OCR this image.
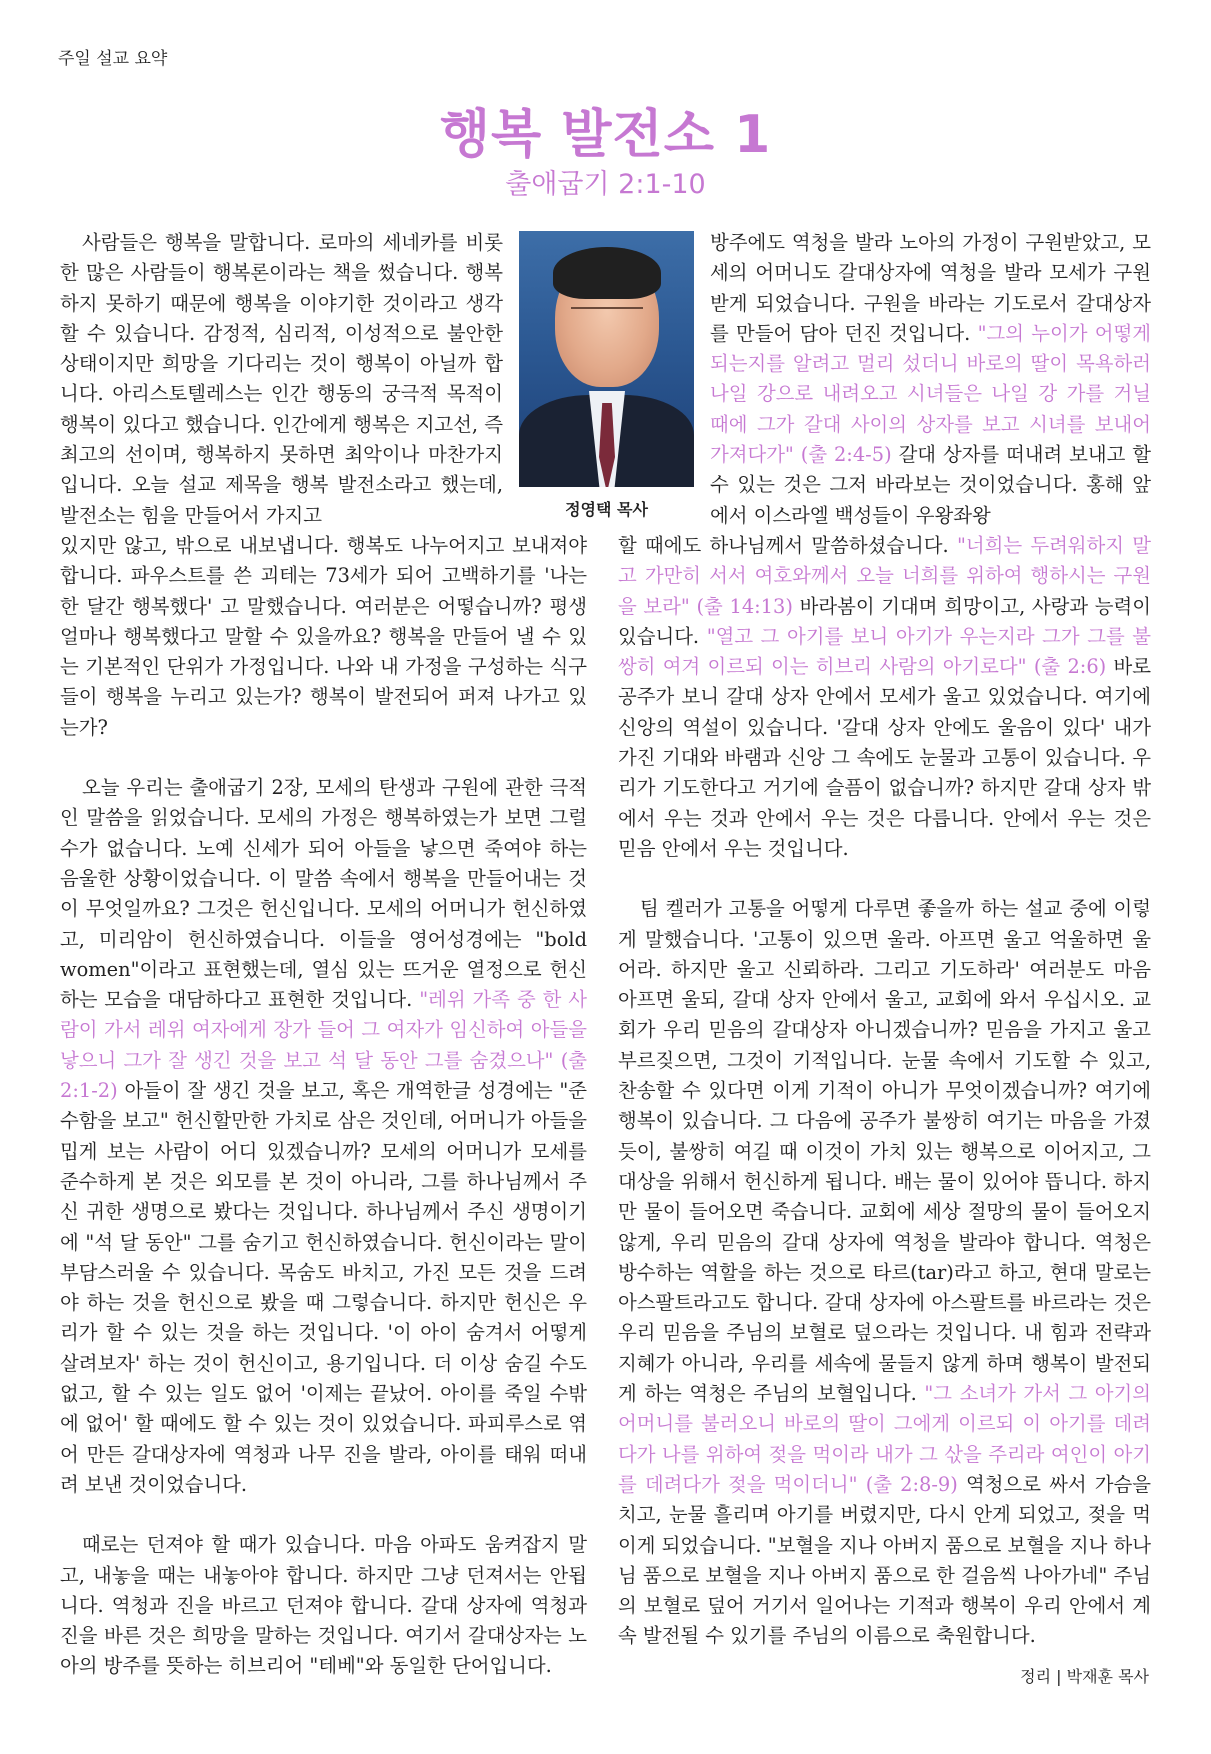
주일 설교 요약
행복 발전소 1
출애굽기 2:1-10
정영택 목사

사람들은 행복을 말합니다. 로마의 세네카를 비롯한 많은 사람들이 행복론이라는 책을 썼습니다. 행복하지 못하기 때문에 행복을 이야기한 것이라고 생각할 수 있습니다. 감정적, 심리적, 이성적으로 불안한 상태이지만 희망을 기다리는 것이 행복이 아닐까 합니다. 아리스토텔레스는 인간 행동의 궁극적 목적이 행복이 있다고 했습니다. 인간에게 행복은 지고선, 즉 최고의 선이며, 행복하지 못하면 최악이나 마찬가지입니다. 오늘 설교 제목을 행복 발전소라고 했는데, 발전소는 힘을 만들어서 가지고

있지만 않고, 밖으로 내보냅니다. 행복도 나누어지고 보내져야 합니다. 파우스트를 쓴 괴테는 73세가 되어 고백하기를 '나는 한 달간 행복했다' 고 말했습니다. 여러분은 어떻습니까? 평생 얼마나 행복했다고 말할 수 있을까요? 행복을 만들어 낼 수 있는 기본적인 단위가 가정입니다. 나와 내 가정을 구성하는 식구들이 행복을 누리고 있는가? 행복이 발전되어 퍼져 나가고 있는가?

오늘 우리는 출애굽기 2장, 모세의 탄생과 구원에 관한 극적인 말씀을 읽었습니다. 모세의 가정은 행복하였는가 보면 그럴 수가 없습니다. 노예 신세가 되어 아들을 낳으면 죽여야 하는 음울한 상황이었습니다. 이 말씀 속에서 행복을 만들어내는 것이 무엇일까요? 그것은 헌신입니다. 모세의 어머니가 헌신하였고, 미리암이 헌신하였습니다. 이들을 영어성경에는 "bold women"이라고 표현했는데, 열심 있는 뜨거운 열정으로 헌신하는 모습을 대담하다고 표현한 것입니다. "레위 가족 중 한 사람이 가서 레위 여자에게 장가 들어 그 여자가 임신하여 아들을 낳으니 그가 잘 생긴 것을 보고 석 달 동안 그를 숨겼으나" (출 2:1-2) 아들이 잘 생긴 것을 보고, 혹은 개역한글 성경에는 "준수함을 보고" 헌신할만한 가치로 삼은 것인데, 어머니가 아들을 밉게 보는 사람이 어디 있겠습니까? 모세의 어머니가 모세를 준수하게 본 것은 외모를 본 것이 아니라, 그를 하나님께서 주신 귀한 생명으로 봤다는 것입니다. 하나님께서 주신 생명이기에 "석 달 동안" 그를 숨기고 헌신하였습니다. 헌신이라는 말이 부담스러울 수 있습니다. 목숨도 바치고, 가진 모든 것을 드려야 하는 것을 헌신으로 봤을 때 그렇습니다. 하지만 헌신은 우리가 할 수 있는 것을 하는 것입니다. '이 아이 숨겨서 어떻게 살려보자' 하는 것이 헌신이고, 용기입니다. 더 이상 숨길 수도 없고, 할 수 있는 일도 없어 '이제는 끝났어. 아이를 죽일 수밖에 없어' 할 때에도 할 수 있는 것이 있었습니다. 파피루스로 엮어 만든 갈대상자에 역청과 나무 진을 발라, 아이를 태워 떠내려 보낸 것이었습니다.

때로는 던져야 할 때가 있습니다. 마음 아파도 움켜잡지 말고, 내놓을 때는 내놓아야 합니다. 하지만 그냥 던져서는 안됩니다. 역청과 진을 바르고 던져야 합니다. 갈대 상자에 역청과 진을 바른 것은 희망을 말하는 것입니다. 여기서 갈대상자는 노아의 방주를 뜻하는 히브리어 "테베"와 동일한 단어입니다.

방주에도 역청을 발라 노아의 가정이 구원받았고, 모세의 어머니도 갈대상자에 역청을 발라 모세가 구원받게 되었습니다. 구원을 바라는 기도로서 갈대상자를 만들어 담아 던진 것입니다. "그의 누이가 어떻게 되는지를 알려고 멀리 섰더니 바로의 딸이 목욕하러 나일 강으로 내려오고 시녀들은 나일 강 가를 거닐 때에 그가 갈대 사이의 상자를 보고 시녀를 보내어 가져다가" (출 2:4-5) 갈대 상자를 떠내려 보내고 할 수 있는 것은 그저 바라보는 것이었습니다. 홍해 앞에서 이스라엘 백성들이 우왕좌왕

할 때에도 하나님께서 말씀하셨습니다. "너희는 두려워하지 말고 가만히 서서 여호와께서 오늘 너희를 위하여 행하시는 구원을 보라" (출 14:13) 바라봄이 기대며 희망이고, 사랑과 능력이 있습니다. "열고 그 아기를 보니 아기가 우는지라 그가 그를 불쌍히 여겨 이르되 이는 히브리 사람의 아기로다" (출 2:6) 바로 공주가 보니 갈대 상자 안에서 모세가 울고 있었습니다. 여기에 신앙의 역설이 있습니다. '갈대 상자 안에도 울음이 있다' 내가 가진 기대와 바램과 신앙 그 속에도 눈물과 고통이 있습니다. 우리가 기도한다고 거기에 슬픔이 없습니까? 하지만 갈대 상자 밖에서 우는 것과 안에서 우는 것은 다릅니다. 안에서 우는 것은 믿음 안에서 우는 것입니다.

팀 켈러가 고통을 어떻게 다루면 좋을까 하는 설교 중에 이렇게 말했습니다. '고통이 있으면 울라. 아프면 울고 억울하면 울어라. 하지만 울고 신뢰하라. 그리고 기도하라' 여러분도 마음 아프면 울되, 갈대 상자 안에서 울고, 교회에 와서 우십시오. 교회가 우리 믿음의 갈대상자 아니겠습니까? 믿음을 가지고 울고 부르짖으면, 그것이 기적입니다. 눈물 속에서 기도할 수 있고, 찬송할 수 있다면 이게 기적이 아니가 무엇이겠습니까? 여기에 행복이 있습니다. 그 다음에 공주가 불쌍히 여기는 마음을 가졌듯이, 불쌍히 여길 때 이것이 가치 있는 행복으로 이어지고, 그 대상을 위해서 헌신하게 됩니다. 배는 물이 있어야 뜹니다. 하지만 물이 들어오면 죽습니다. 교회에 세상 절망의 물이 들어오지 않게, 우리 믿음의 갈대 상자에 역청을 발라야 합니다. 역청은 방수하는 역할을 하는 것으로 타르(tar)라고 하고, 현대 말로는 아스팔트라고도 합니다. 갈대 상자에 아스팔트를 바르라는 것은 우리 믿음을 주님의 보혈로 덮으라는 것입니다. 내 힘과 전략과 지혜가 아니라, 우리를 세속에 물들지 않게 하며 행복이 발전되게 하는 역청은 주님의 보혈입니다. "그 소녀가 가서 그 아기의 어머니를 불러오니 바로의 딸이 그에게 이르되 이 아기를 데려다가 나를 위하여 젖을 먹이라 내가 그 삯을 주리라 여인이 아기를 데려다가 젖을 먹이더니" (출 2:8-9) 역청으로 싸서 가슴을 치고, 눈물 흘리며 아기를 버렸지만, 다시 안게 되었고, 젖을 먹이게 되었습니다. "보혈을 지나 아버지 품으로 보혈을 지나 하나님 품으로 보혈을 지나 아버지 품으로 한 걸음씩 나아가네" 주님의 보혈로 덮어 거기서 일어나는 기적과 행복이 우리 안에서 계속 발전될 수 있기를 주님의 이름으로 축원합니다.

정리 | 박재훈 목사
